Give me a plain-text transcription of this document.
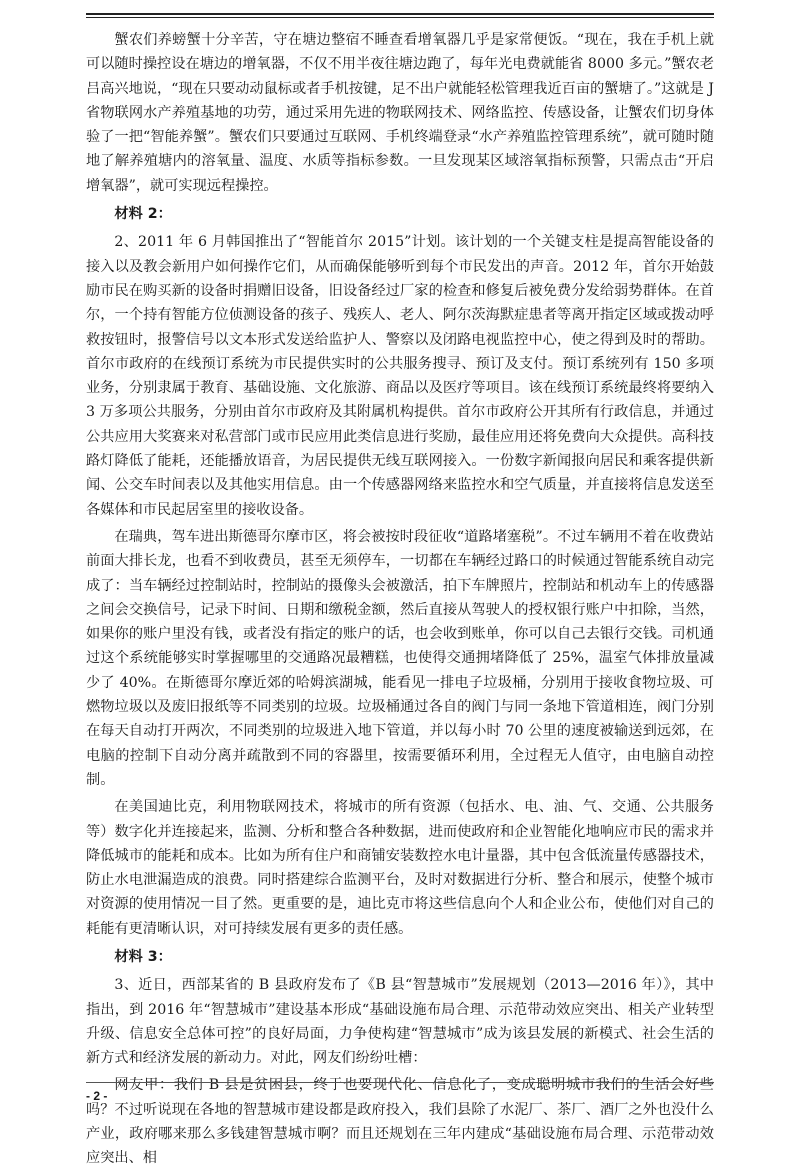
蟹农们养螃蟹十分辛苦，守在塘边整宿不睡查看增氧器几乎是家常便饭。“现在，我在手机上就可以随时操控设在塘边的增氧器，不仅不用半夜往塘边跑了，每年光电费就能省 8000 多元。”蟹农老吕高兴地说，“现在只要动动鼠标或者手机按键，足不出户就能轻松管理我近百亩的蟹塘了。”这就是 J 省物联网水产养殖基地的功劳，通过采用先进的物联网技术、网络监控、传感设备，让蟹农们切身体验了一把“智能养蟹”。蟹农们只要通过互联网、手机终端登录“水产养殖监控管理系统”，就可随时随地了解养殖塘内的溶氧量、温度、水质等指标参数。一旦发现某区域溶氧指标预警，只需点击“开启增氧器”，就可实现远程操控。

材料 2：

2、2011 年 6 月韩国推出了“智能首尔 2015”计划。该计划的一个关键支柱是提高智能设备的接入以及教会新用户如何操作它们，从而确保能够听到每个市民发出的声音。2012 年，首尔开始鼓励市民在购买新的设备时捐赠旧设备，旧设备经过厂家的检查和修复后被免费分发给弱势群体。在首尔，一个持有智能方位侦测设备的孩子、残疾人、老人、阿尔茨海默症患者等离开指定区域或拨动呼救按钮时，报警信号以文本形式发送给监护人、警察以及闭路电视监控中心，使之得到及时的帮助。首尔市政府的在线预订系统为市民提供实时的公共服务搜寻、预订及支付。预订系统列有 150 多项业务，分别隶属于教育、基础设施、文化旅游、商品以及医疗等项目。该在线预订系统最终将要纳入 3 万多项公共服务，分别由首尔市政府及其附属机构提供。首尔市政府公开其所有行政信息，并通过公共应用大奖赛来对私营部门或市民应用此类信息进行奖励，最佳应用还将免费向大众提供。高科技路灯降低了能耗，还能播放语音，为居民提供无线互联网接入。一份数字新闻报向居民和乘客提供新闻、公交车时间表以及其他实用信息。由一个传感器网络来监控水和空气质量，并直接将信息发送至各媒体和市民起居室里的接收设备。

在瑞典，驾车进出斯德哥尔摩市区，将会被按时段征收“道路堵塞税”。不过车辆用不着在收费站前面大排长龙，也看不到收费员，甚至无须停车，一切都在车辆经过路口的时候通过智能系统自动完成了：当车辆经过控制站时，控制站的摄像头会被激活，拍下车牌照片，控制站和机动车上的传感器之间会交换信号，记录下时间、日期和缴税金额，然后直接从驾驶人的授权银行账户中扣除，当然，如果你的账户里没有钱，或者没有指定的账户的话，也会收到账单，你可以自己去银行交钱。司机通过这个系统能够实时掌握哪里的交通路况最糟糕，也使得交通拥堵降低了 25%，温室气体排放量减少了 40%。在斯德哥尔摩近郊的哈姆滨湖城，能看见一排电子垃圾桶，分别用于接收食物垃圾、可燃物垃圾以及废旧报纸等不同类别的垃圾。垃圾桶通过各自的阀门与同一条地下管道相连，阀门分别在每天自动打开两次，不同类别的垃圾进入地下管道，并以每小时 70 公里的速度被输送到远郊，在电脑的控制下自动分离并疏散到不同的容器里，按需要循环利用，全过程无人值守，由电脑自动控制。

在美国迪比克，利用物联网技术，将城市的所有资源（包括水、电、油、气、交通、公共服务等）数字化并连接起来，监测、分析和整合各种数据，进而使政府和企业智能化地响应市民的需求并降低城市的能耗和成本。比如为所有住户和商铺安装数控水电计量器，其中包含低流量传感器技术，防止水电泄漏造成的浪费。同时搭建综合监测平台，及时对数据进行分析、整合和展示，使整个城市对资源的使用情况一目了然。更重要的是，迪比克市将这些信息向个人和企业公布，使他们对自己的耗能有更清晰认识，对可持续发展有更多的责任感。

材料 3：

3、近日，西部某省的 B 县政府发布了《B 县“智慧城市”发展规划（2013—2016 年）》，其中指出，到 2016 年“智慧城市”建设基本形成“基础设施布局合理、示范带动效应突出、相关产业转型升级、信息安全总体可控”的良好局面，力争使构建“智慧城市”成为该县发展的新模式、社会生活的新方式和经济发展的新动力。对此，网友们纷纷吐槽：

网友甲：我们 B 县是贫困县，终于也要现代化、信息化了，变成聪明城市我们的生活会好些吗？不过听说现在各地的智慧城市建设都是政府投入，我们县除了水泥厂、茶厂、酒厂之外也没什么产业，政府哪来那么多钱建智慧城市啊？而且还规划在三年内建成“基础设施布局合理、示范带动效应突出、相

- 2 -
